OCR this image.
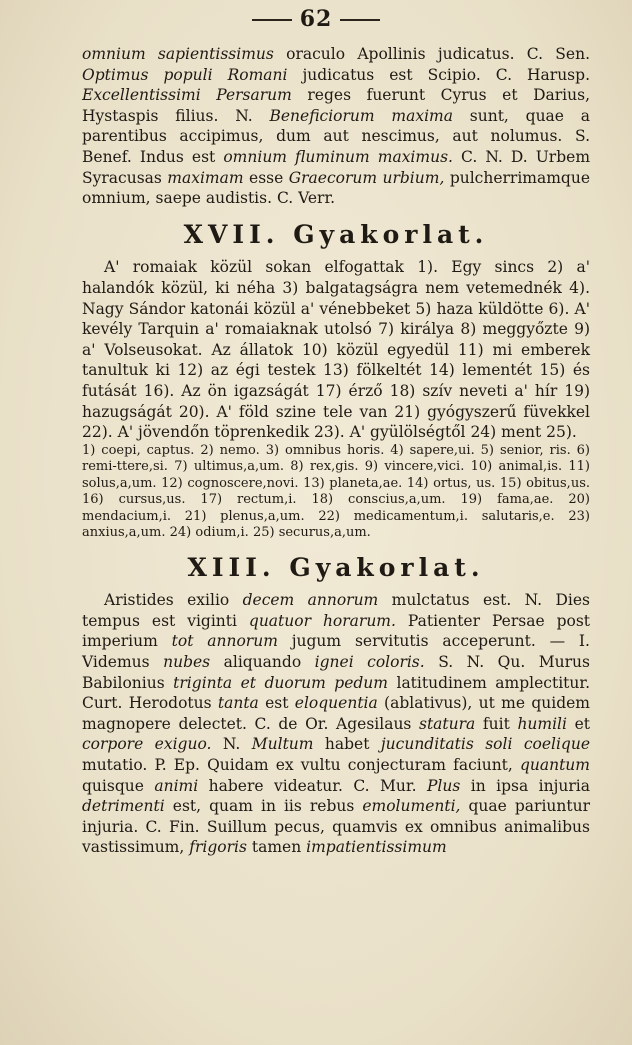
62

omnium sapientissimus oraculo Apollinis judicatus. C. Sen. Optimus populi Romani judicatus est Scipio. C. Harusp. Excellentissimi Persarum reges fuerunt Cyrus et Darius, Hystaspis filius. N. Beneficiorum maxima sunt, quae a parentibus accipimus, dum aut nescimus, aut nolumus. S. Benef. Indus est omnium fluminum maximus. C. N. D. Urbem Syracusas maximam esse Graecorum urbium, pulcherrimamque omnium, saepe audistis. C. Verr.

XVII. Gyakorlat.

A' romaiak közül sokan elfogattak 1). Egy sincs 2) a' halandók közül, ki néha 3) balgatagságra nem vetemednék 4). Nagy Sándor katonái közül a' vénebbeket 5) haza küldötte 6). A' kevély Tarquin a' romaiaknak utolsó 7) királya 8) meggyőzte 9) a' Volseusokat. Az állatok 10) közül egyedül 11) mi emberek tanultuk ki 12) az égi testek 13) fölkeltét 14) lementét 15) és futását 16). Az ön igazságát 17) érző 18) szív neveti a' hír 19) hazugságát 20). A' föld szine tele van 21) gyógyszerű füvekkel 22). A' jövendőn töprenkedik 23). A' gyülölségtől 24) ment 25).

1) coepi, captus. 2) nemo. 3) omnibus horis. 4) sapere,ui. 5) senior, ris. 6) remi-ttere,si. 7) ultimus,a,um. 8) rex,gis. 9) vincere,vici. 10) animal,is. 11) solus,a,um. 12) cognoscere,novi. 13) planeta,ae. 14) ortus, us. 15) obitus,us. 16) cursus,us. 17) rectum,i. 18) conscius,a,um. 19) fama,ae. 20) mendacium,i. 21) plenus,a,um. 22) medicamentum,i. salutaris,e. 23) anxius,a,um. 24) odium,i. 25) securus,a,um.

XIII. Gyakorlat.

Aristides exilio decem annorum mulctatus est. N. Dies tempus est viginti quatuor horarum. Patienter Persae post imperium tot annorum jugum servitutis acceperunt. — I. Videmus nubes aliquando ignei coloris. S. N. Qu. Murus Babilonius triginta et duorum pedum latitudinem amplectitur. Curt. Herodotus tanta est eloquentia (ablativus), ut me quidem magnopere delectet. C. de Or. Agesilaus statura fuit humili et corpore exiguo. N. Multum habet jucunditatis soli coelique mutatio. P. Ep. Quidam ex vultu conjecturam faciunt, quantum quisque animi habere videatur. C. Mur. Plus in ipsa injuria detrimenti est, quam in iis rebus emolumenti, quae pariuntur injuria. C. Fin. Suillum pecus, quamvis ex omnibus animalibus vastissimum, frigoris tamen impatientissimum
